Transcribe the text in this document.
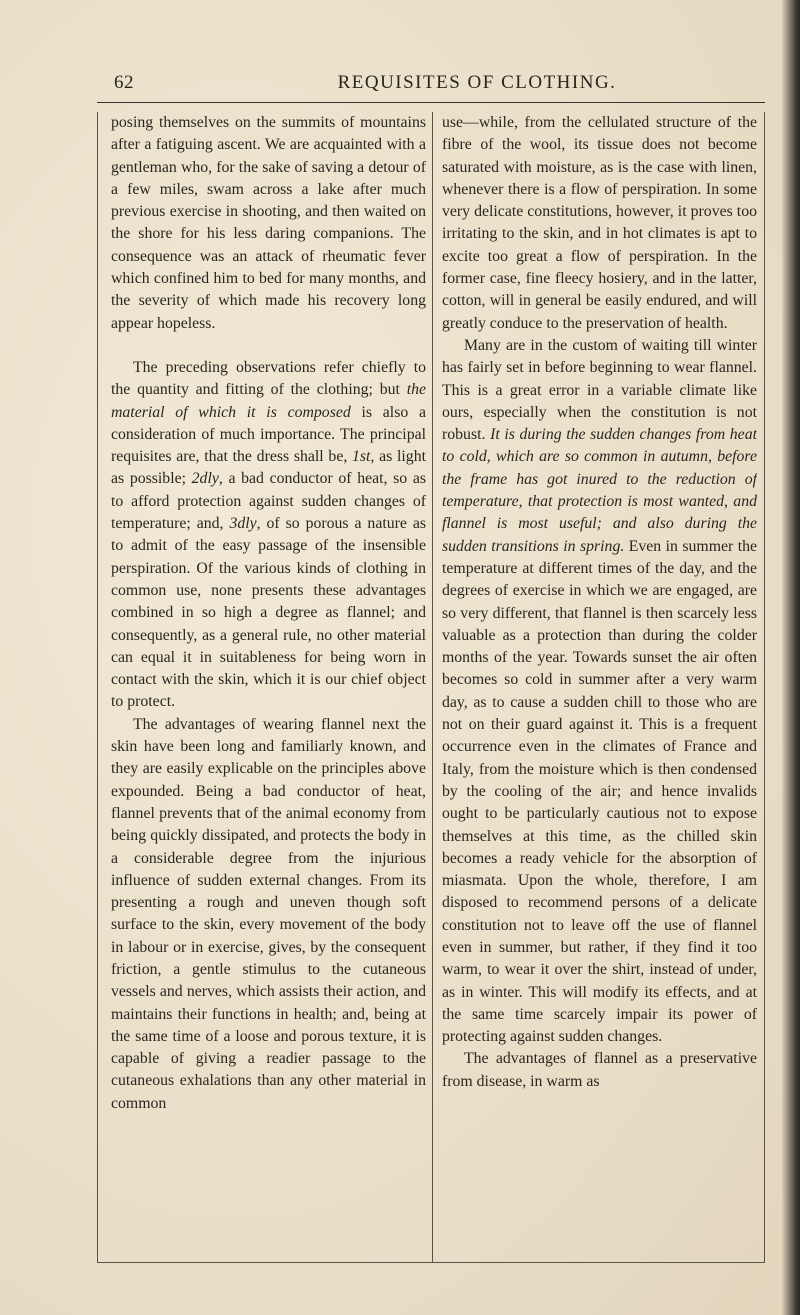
62	REQUISITES OF CLOTHING.

posing themselves on the summits of mountains after a fatiguing ascent. We are acquainted with a gentleman who, for the sake of saving a detour of a few miles, swam across a lake after much previous exercise in shooting, and then waited on the shore for his less daring companions. The consequence was an attack of rheumatic fever which confined him to bed for many months, and the severity of which made his recovery long appear hopeless.

The preceding observations refer chiefly to the quantity and fitting of the clothing; but the material of which it is composed is also a consideration of much importance. The principal requisites are, that the dress shall be, 1st, as light as possible; 2dly, a bad conductor of heat, so as to afford protection against sudden changes of temperature; and, 3dly, of so porous a nature as to admit of the easy passage of the insensible perspiration. Of the various kinds of clothing in common use, none presents these advantages combined in so high a degree as flannel; and consequently, as a general rule, no other material can equal it in suitableness for being worn in contact with the skin, which it is our chief object to protect.

The advantages of wearing flannel next the skin have been long and familiarly known, and they are easily explicable on the principles above expounded. Being a bad conductor of heat, flannel prevents that of the animal economy from being quickly dissipated, and protects the body in a considerable degree from the injurious influence of sudden external changes. From its presenting a rough and uneven though soft surface to the skin, every movement of the body in labour or in exercise, gives, by the consequent friction, a gentle stimulus to the cutaneous vessels and nerves, which assists their action, and maintains their functions in health; and, being at the same time of a loose and porous texture, it is capable of giving a readier passage to the cutaneous exhalations than any other material in common

use—while, from the cellulated structure of the fibre of the wool, its tissue does not become saturated with moisture, as is the case with linen, whenever there is a flow of perspiration. In some very delicate constitutions, however, it proves too irritating to the skin, and in hot climates is apt to excite too great a flow of perspiration. In the former case, fine fleecy hosiery, and in the latter, cotton, will in general be easily endured, and will greatly conduce to the preservation of health.

Many are in the custom of waiting till winter has fairly set in before beginning to wear flannel. This is a great error in a variable climate like ours, especially when the constitution is not robust. It is during the sudden changes from heat to cold, which are so common in autumn, before the frame has got inured to the reduction of temperature, that protection is most wanted, and flannel is most useful; and also during the sudden transitions in spring. Even in summer the temperature at different times of the day, and the degrees of exercise in which we are engaged, are so very different, that flannel is then scarcely less valuable as a protection than during the colder months of the year. Towards sunset the air often becomes so cold in summer after a very warm day, as to cause a sudden chill to those who are not on their guard against it. This is a frequent occurrence even in the climates of France and Italy, from the moisture which is then condensed by the cooling of the air; and hence invalids ought to be particularly cautious not to expose themselves at this time, as the chilled skin becomes a ready vehicle for the absorption of miasmata. Upon the whole, therefore, I am disposed to recommend persons of a delicate constitution not to leave off the use of flannel even in summer, but rather, if they find it too warm, to wear it over the shirt, instead of under, as in winter. This will modify its effects, and at the same time scarcely impair its power of protecting against sudden changes.

The advantages of flannel as a preservative from disease, in warm as
